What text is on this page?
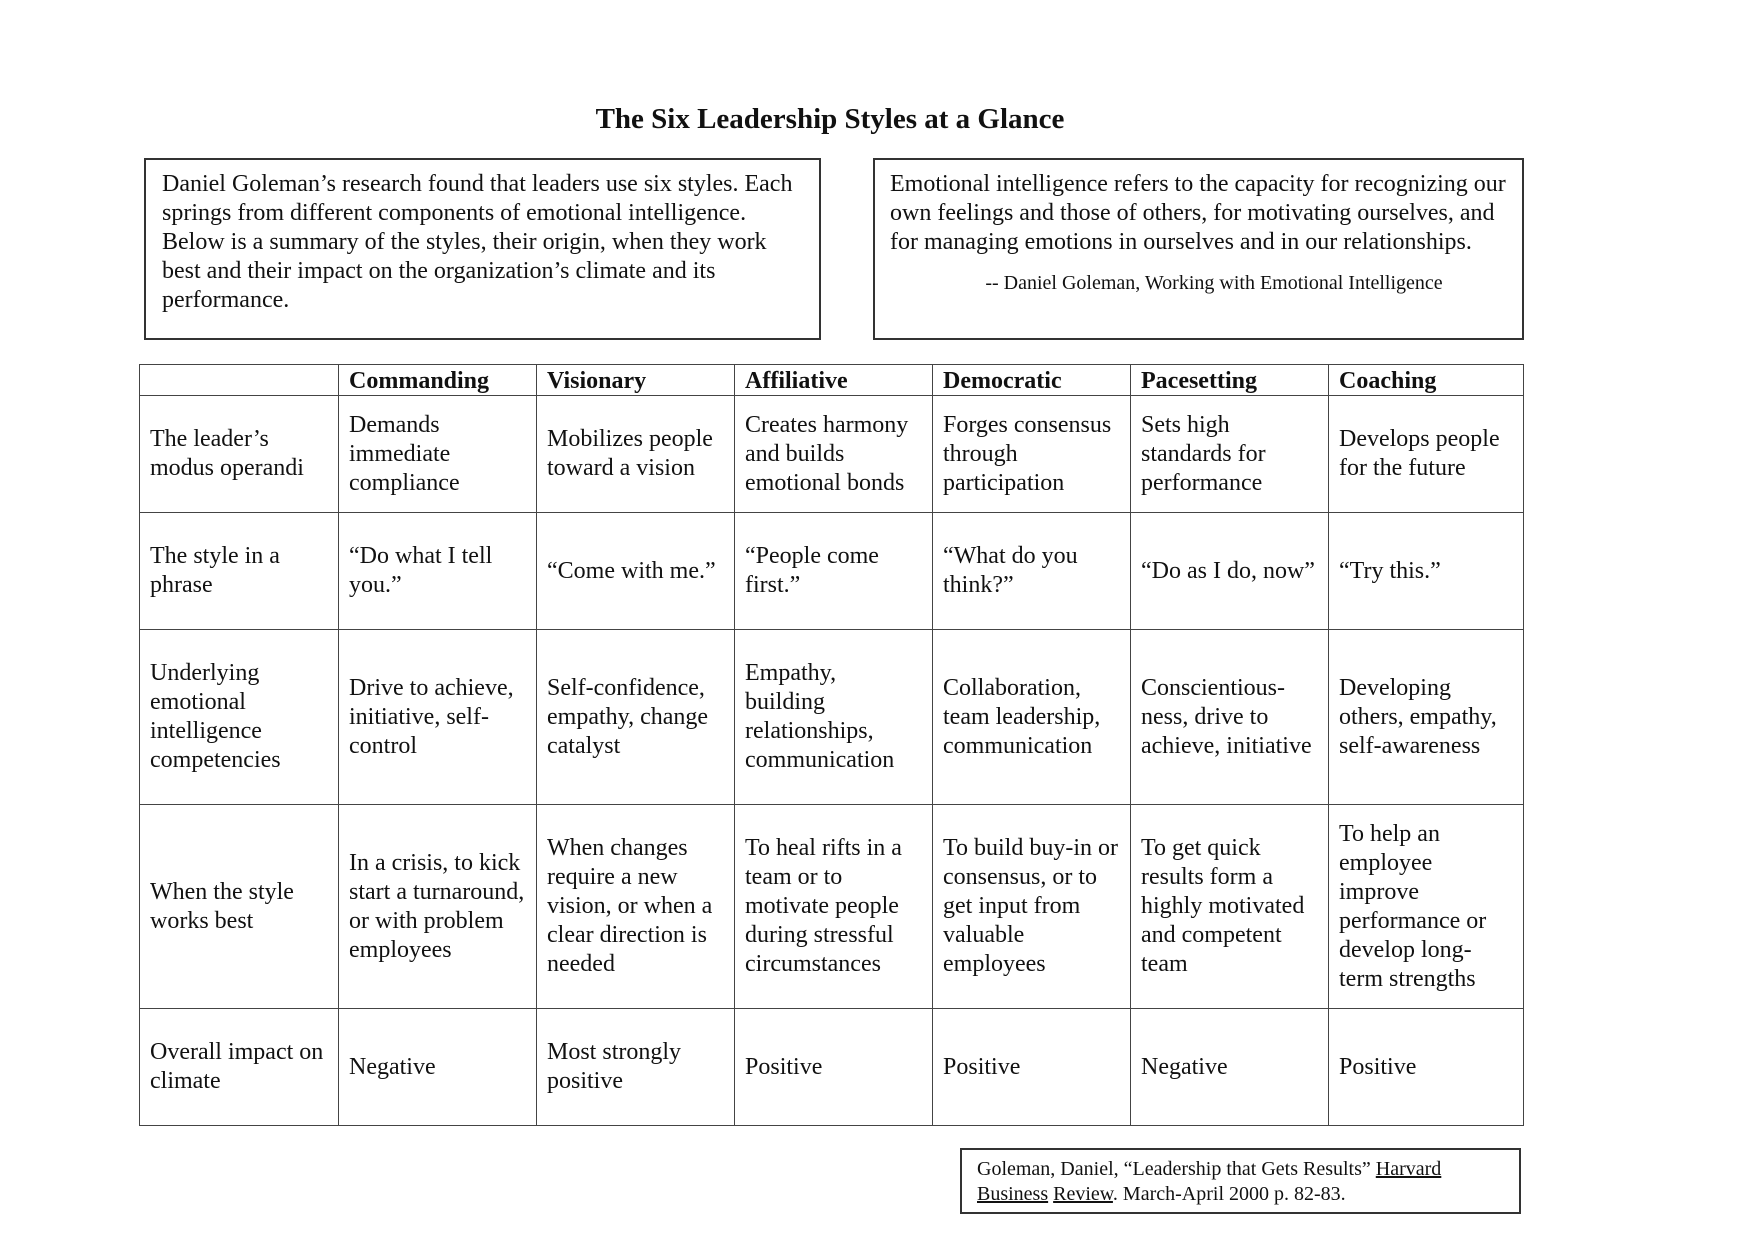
The Six Leadership Styles at a Glance

Daniel Goleman’s research found that leaders use six styles. Each springs from different components of emotional intelligence. Below is a summary of the styles, their origin, when they work best and their impact on the organization’s climate and its performance.

Emotional intelligence refers to the capacity for recognizing our own feelings and those of others, for motivating ourselves, and for managing emotions in ourselves and in our relationships.

-- Daniel Goleman, Working with Emotional Intelligence

	Commanding	Visionary	Affiliative	Democratic	Pacesetting	Coaching
The leader’s modus operandi	Demands immediate compliance	Mobilizes people toward a vision	Creates harmony and builds emotional bonds	Forges consensus through participation	Sets high standards for performance	Develops people for the future
The style in a phrase	“Do what I tell you.”	“Come with me.”	“People come first.”	“What do you think?”	“Do as I do, now”	“Try this.”
Underlying emotional intelligence competencies	Drive to achieve, initiative, self-control	Self-confidence, empathy, change catalyst	Empathy, building relationships, communication	Collaboration, team leadership, communication	Conscientious-ness, drive to achieve, initiative	Developing others, empathy, self-awareness
When the style works best	In a crisis, to kick start a turnaround, or with problem employees	When changes require a new vision, or when a clear direction is needed	To heal rifts in a team or to motivate people during stressful circumstances	To build buy-in or consensus, or to get input from valuable employees	To get quick results form a highly motivated and competent team	To help an employee improve performance or develop long-term strengths
Overall impact on climate	Negative	Most strongly positive	Positive	Positive	Negative	Positive
Goleman, Daniel, “Leadership that Gets Results” Harvard Business Review. March-April 2000 p. 82-83.
